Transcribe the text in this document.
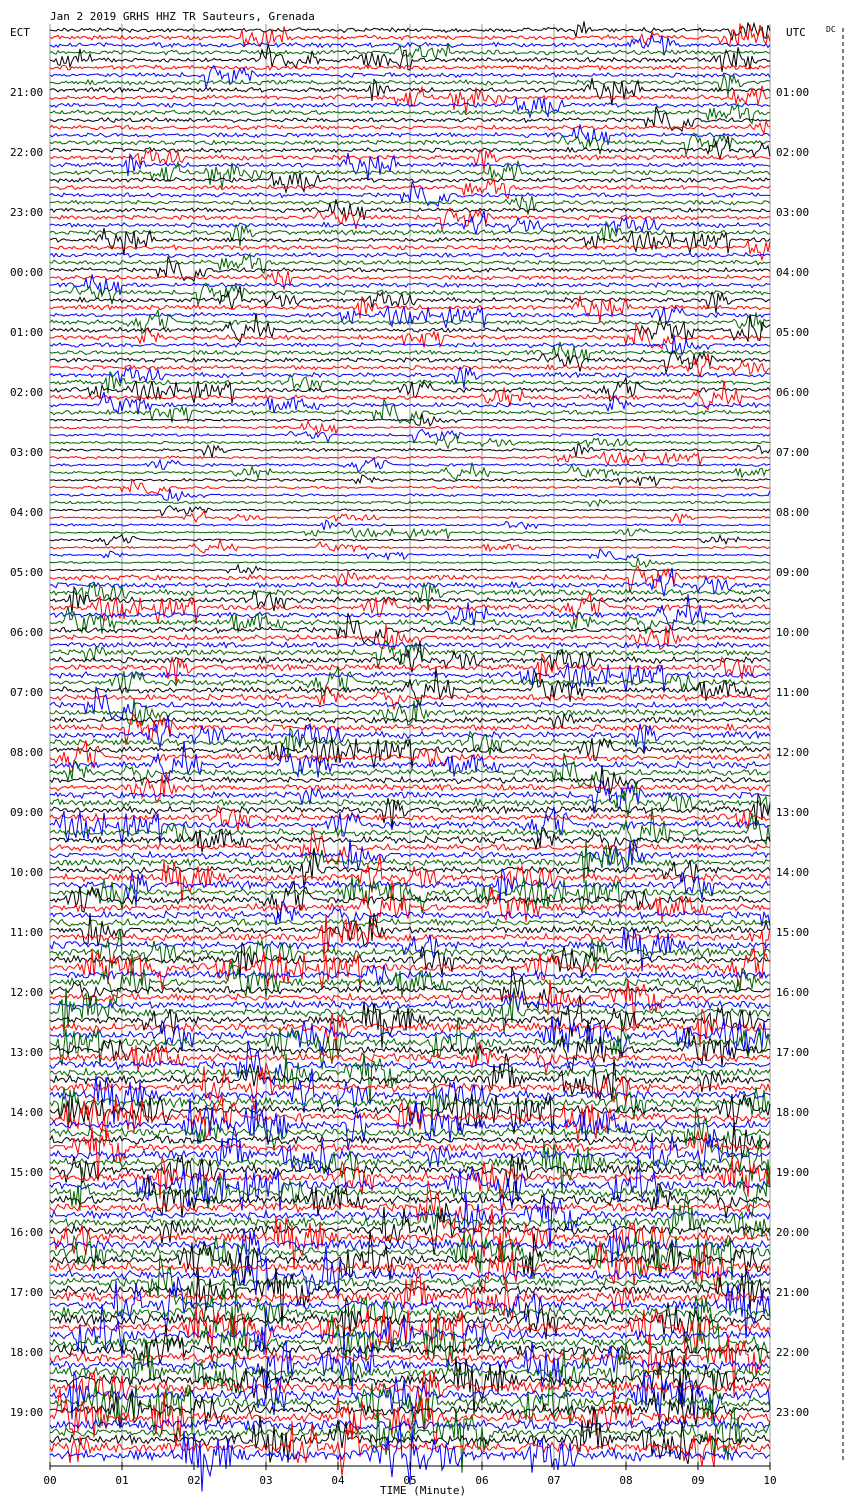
Jan 2 2019 GRHS HHZ TR Sauteurs, Grenada
ECT	UTC	DC
TIME (Minute)
21:00
22:00
23:00
00:00
01:00
02:00
03:00
04:00
05:00
06:00
07:00
08:00
09:00
10:00
11:00
12:00
13:00
14:00
15:00
16:00
17:00
18:00
19:00
01:00
02:00
03:00
04:00
05:00
06:00
07:00
08:00
09:00
10:00
11:00
12:00
13:00
14:00
15:00
16:00
17:00
18:00
19:00
20:00
21:00
22:00
23:00
00	01	02	03	04	05	06	07	08	09	10
